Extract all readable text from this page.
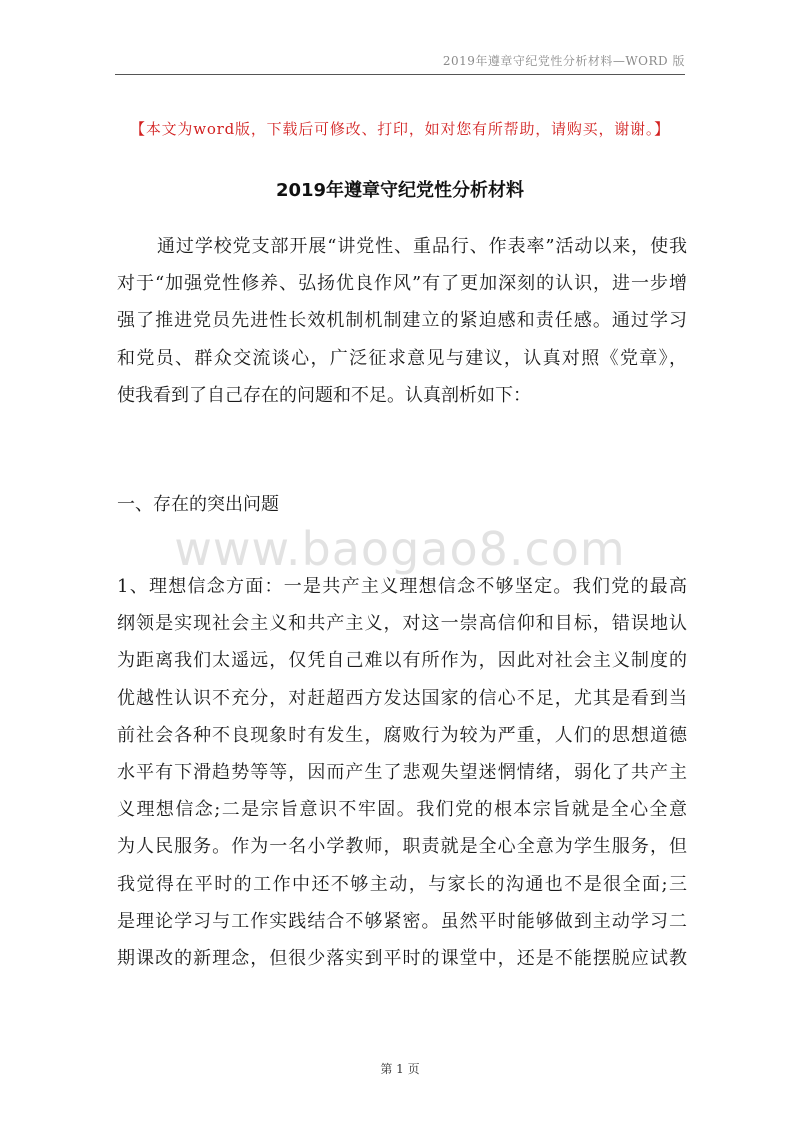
2019年遵章守纪党性分析材料—WORD 版
【本文为word版，下载后可修改、打印，如对您有所帮助，请购买，谢谢。】
2019年遵章守纪党性分析材料
通过学校党支部开展“讲党性、重品行、作表率”活动以来，使我
对于“加强党性修养、弘扬优良作风”有了更加深刻的认识，进一步增
强了推进党员先进性长效机制机制建立的紧迫感和责任感。通过学习
和党员、群众交流谈心，广泛征求意见与建议，认真对照《党章》，
使我看到了自己存在的问题和不足。认真剖析如下：
一、存在的突出问题
www.baogao8.com
1、理想信念方面：一是共产主义理想信念不够坚定。我们党的最高
纲领是实现社会主义和共产主义，对这一崇高信仰和目标，错误地认
为距离我们太遥远，仅凭自己难以有所作为，因此对社会主义制度的
优越性认识不充分，对赶超西方发达国家的信心不足，尤其是看到当
前社会各种不良现象时有发生，腐败行为较为严重，人们的思想道德
水平有下滑趋势等等，因而产生了悲观失望迷惘情绪，弱化了共产主
义理想信念;二是宗旨意识不牢固。我们党的根本宗旨就是全心全意
为人民服务。作为一名小学教师，职责就是全心全意为学生服务，但
我觉得在平时的工作中还不够主动，与家长的沟通也不是很全面;三
是理论学习与工作实践结合不够紧密。虽然平时能够做到主动学习二
期课改的新理念，但很少落实到平时的课堂中，还是不能摆脱应试教
第 1 页
